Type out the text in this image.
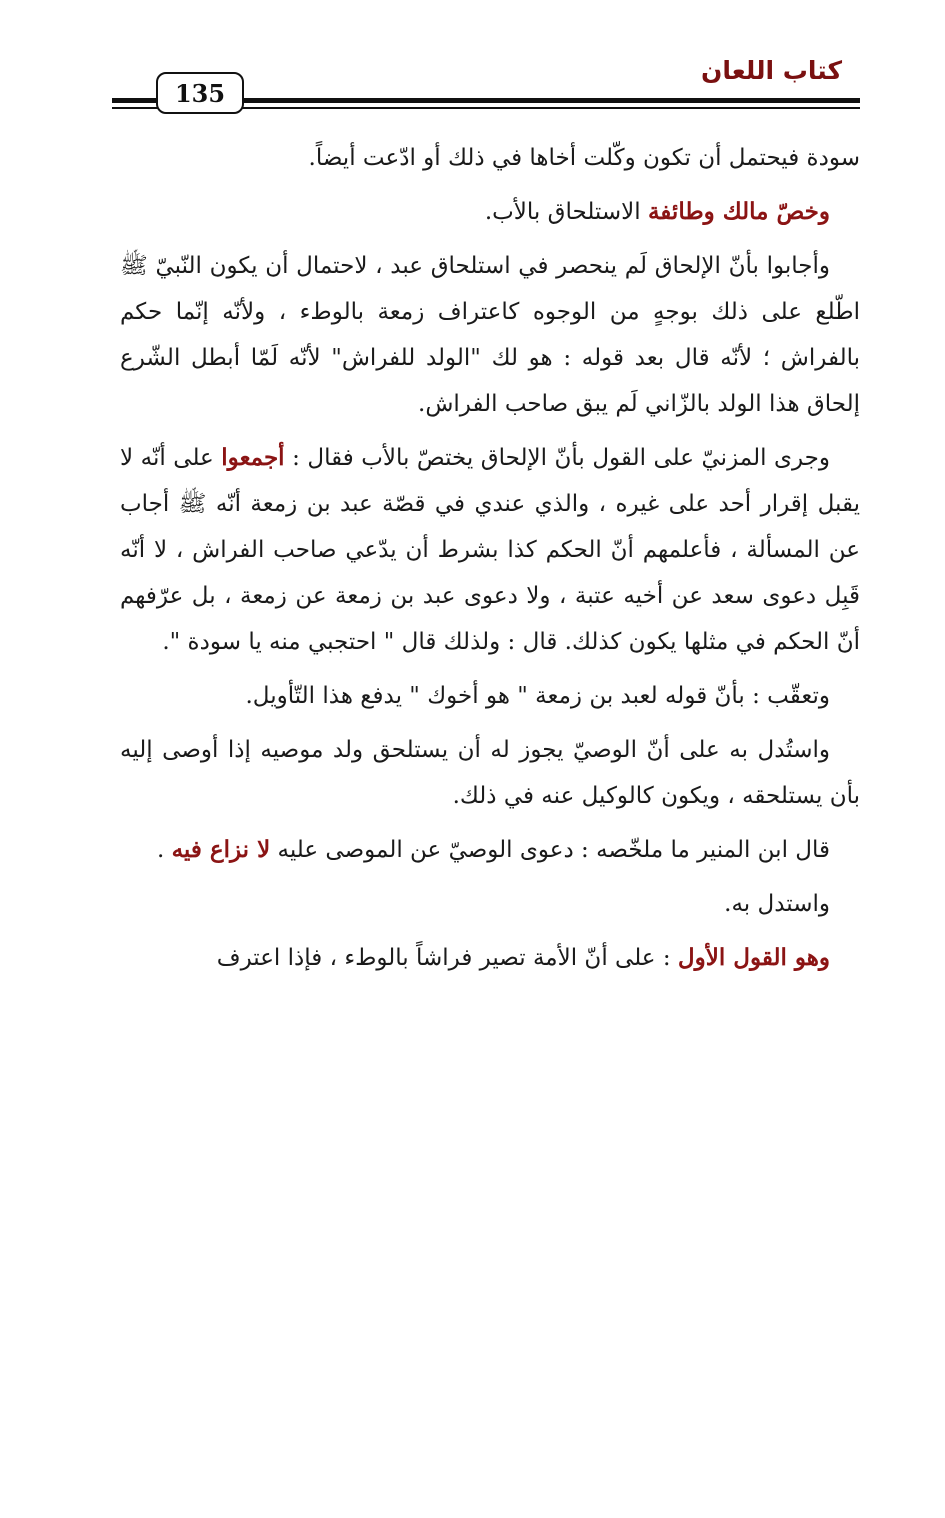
كتاب اللعان
135

سودة فيحتمل أن تكون وكّلت أخاها في ذلك أو ادّعت أيضاً.

وخصّ مالك وطائفة الاستلحاق بالأب.

وأجابوا بأنّ الإلحاق لَم ينحصر في استلحاق عبد ، لاحتمال أن يكون النّبيّ ﷺ اطّلع على ذلك بوجهٍ من الوجوه كاعتراف زمعة بالوطء ، ولأنّه إنّما حكم بالفراش ؛ لأنّه قال بعد قوله : هو لك "الولد للفراش" لأنّه لَمّا أبطل الشّرع إلحاق هذا الولد بالزّاني لَم يبق صاحب الفراش.

وجرى المزنيّ على القول بأنّ الإلحاق يختصّ بالأب فقال : أجمعوا على أنّه لا يقبل إقرار أحد على غيره ، والذي عندي في قصّة عبد بن زمعة أنّه ﷺ أجاب عن المسألة ، فأعلمهم أنّ الحكم كذا بشرط أن يدّعي صاحب الفراش ، لا أنّه قَبِل دعوى سعد عن أخيه عتبة ، ولا دعوى عبد بن زمعة عن زمعة ، بل عرّفهم أنّ الحكم في مثلها يكون كذلك. قال : ولذلك قال " احتجبي منه يا سودة ".

وتعقّب : بأنّ قوله لعبد بن زمعة " هو أخوك " يدفع هذا التّأويل.

واستُدل به على أنّ الوصيّ يجوز له أن يستلحق ولد موصيه إذا أوصى إليه بأن يستلحقه ، ويكون كالوكيل عنه في ذلك.

قال ابن المنير ما ملخّصه : دعوى الوصيّ عن الموصى عليه لا نزاع فيه .

واستدل به.

وهو القول الأول : على أنّ الأمة تصير فراشاً بالوطء ، فإذا اعترف
